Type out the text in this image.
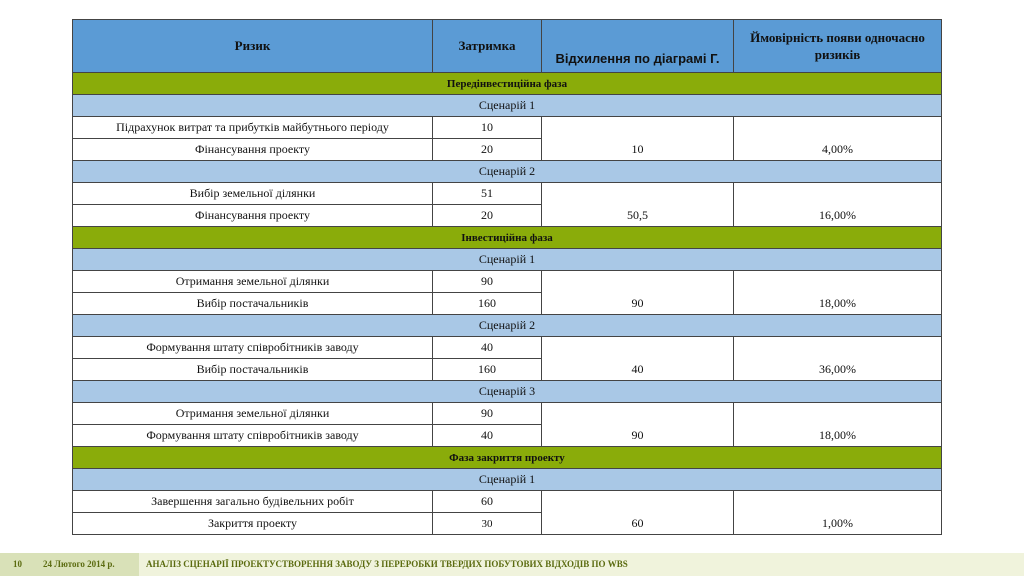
Ризик	Затримка	Відхилення по діаграмі Г.	Ймовірність появи одночасно ризиків
Передінвестиційна фаза			
Сценарій 1			
Підрахунок витрат та прибутків майбутнього періоду	10	10	4,00%
Фінансування проекту	20		
Сценарій 2			
Вибір земельної ділянки	51	50,5	16,00%
Фінансування проекту	20		
Інвестиційна фаза			
Сценарій 1			
Отримання земельної ділянки	90	90	18,00%
Вибір постачальників	160		
Сценарій 2			
Формування штату співробітників заводу	40	40	36,00%
Вибір постачальників	160		
Сценарій 3			
Отримання земельної ділянки	90	90	18,00%
Формування штату співробітників заводу	40		
Фаза закриття проекту			
Сценарій 1			
Завершення загально будівельних робіт	60	60	1,00%
Закриття проекту	30		
10 24 Лютого 2014 р.	АНАЛІЗ СЦЕНАРІЇ ПРОЕКТУСТВОРЕННЯ ЗАВОДУ З ПЕРЕРОБКИ ТВЕРДИХ ПОБУТОВИХ ВІДХОДІВ ПО WBS
